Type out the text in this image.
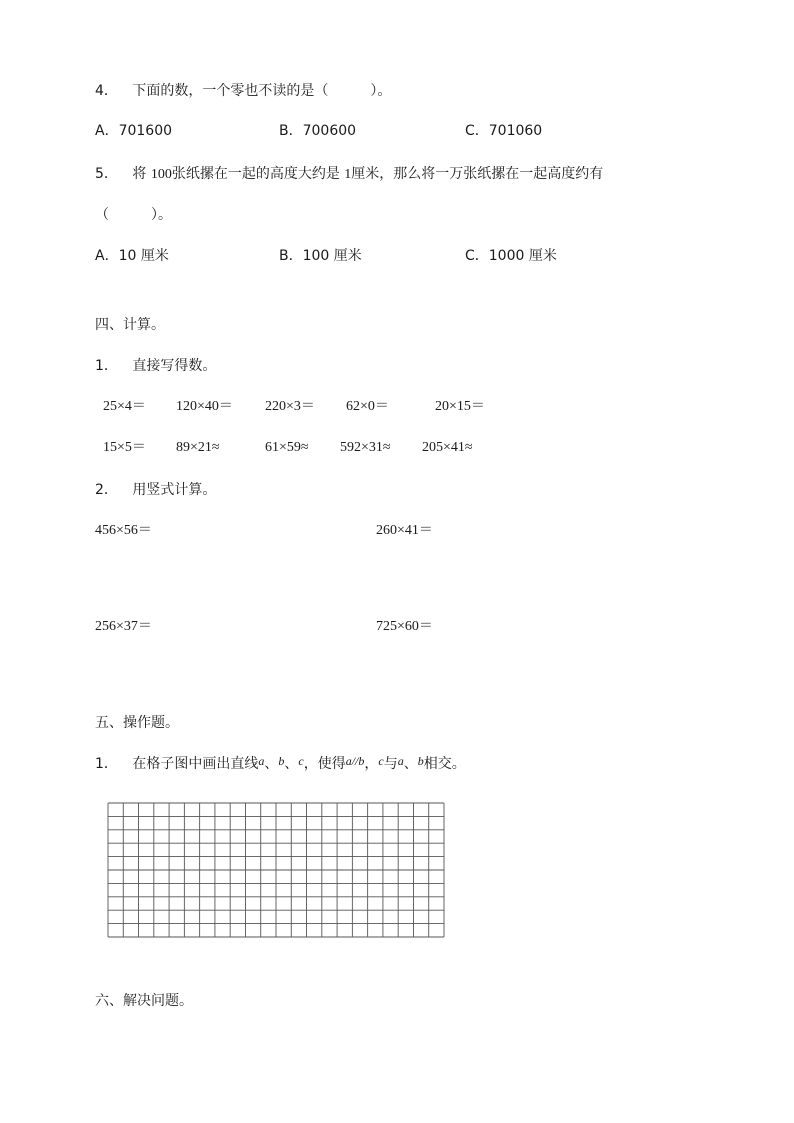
4． 下面的数，一个零也不读的是（　　　）。
A．701600	B．700600	C．701060
5． 将 100张纸摞在一起的高度大约是 1厘米，那么将一万张纸摞在一起高度约有
（　　　）。
A．10 厘米	B．100 厘米	C．1000 厘米
四、计算。
1． 直接写得数。
25×4＝ 120×40＝ 220×3＝ 62×0＝	20×15＝
15×5＝ 89×21≈	61×59≈ 592×31≈ 205×41≈
2． 用竖式计算。
456×56＝	260×41＝
256×37＝	725×60＝
五、操作题。
1． 在格子图中画出直线a、b、c，使得a//b，c与a、b相交。
六、解决问题。
